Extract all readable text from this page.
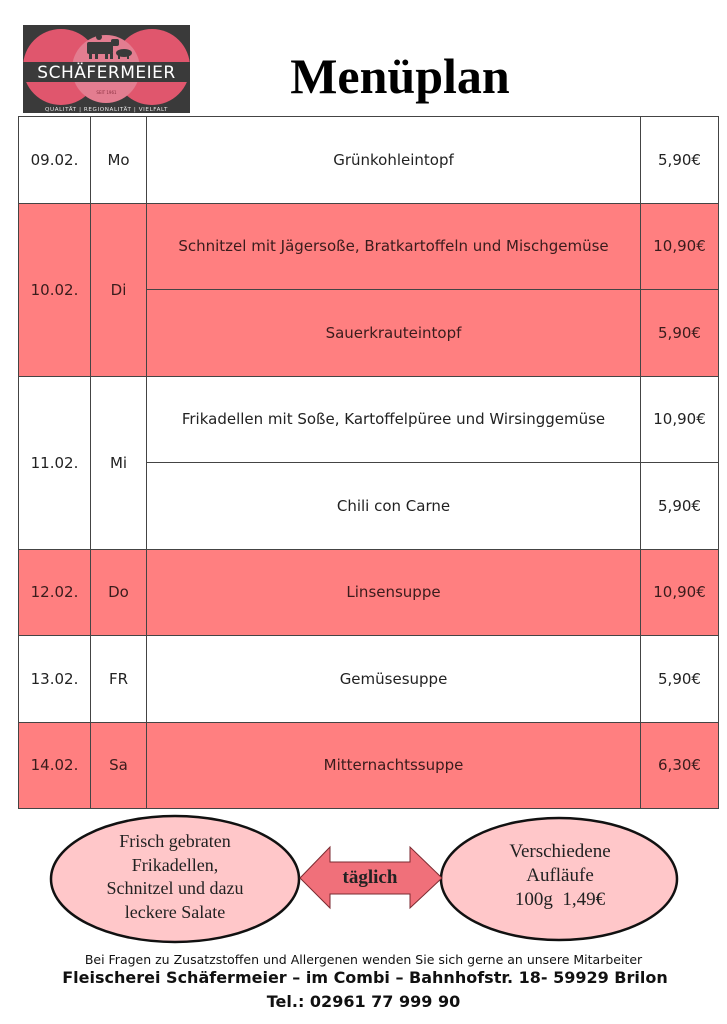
SCHÄFERMEIER
SEIT 1961
QUALITÄT | REGIONALITÄT | VIELFALT
Menüplan
09.02.	Mo	Grünkohleintopf	5,90€
10.02.	Di	Schnitzel mit Jägersoße, Bratkartoffeln und Mischgemüse	10,90€
		Sauerkrauteintopf	5,90€
11.02.	Mi	Frikadellen mit Soße, Kartoffelpüree und Wirsinggemüse	10,90€
		Chili con Carne	5,90€
12.02.	Do	Linsensuppe	10,90€
13.02.	FR	Gemüsesuppe	5,90€
14.02.	Sa	Mitternachtssuppe	6,30€
Frisch gebraten
Frikadellen,
Schnitzel und dazu
leckere Salate
täglich
Verschiedene
Aufläufe
100g  1,49€
Bei Fragen zu Zusatzstoffen und Allergenen wenden Sie sich gerne an unsere Mitarbeiter
Fleischerei Schäfermeier – im Combi – Bahnhofstr. 18- 59929 Brilon
Tel.: 02961 77 999 90
